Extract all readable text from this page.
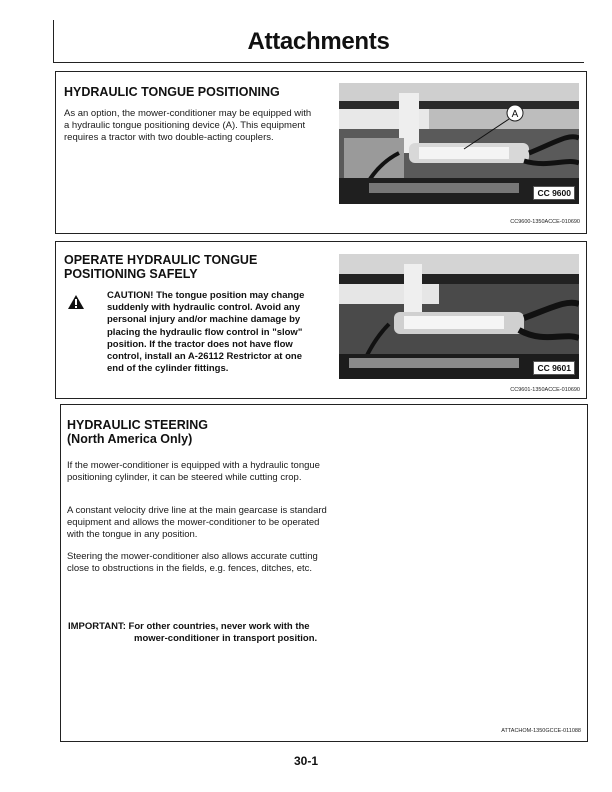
Attachments
HYDRAULIC TONGUE POSITIONING
As an option, the mower-conditioner may be equipped with a hydraulic tongue positioning device (A). This equipment requires a tractor with two double-acting couplers.
A
CC 9600
CC9600-1350ACCE-010690
OPERATE HYDRAULIC TONGUE
POSITIONING SAFELY
CAUTION! The tongue position may change suddenly with hydraulic control. Avoid any personal injury and/or machine damage by placing the hydraulic flow control in "slow" position. If the tractor does not have flow control, install an A-26112 Restrictor at one end of the cylinder fittings.	CC 9601
CC9601-1350ACCE-010690
HYDRAULIC STEERING
(North America Only)
If the mower-conditioner is equipped with a hydraulic tongue positioning cylinder, it can be steered while cutting crop.
A constant velocity drive line at the main gearcase is standard equipment and allows the mower-conditioner to be operated with the tongue in any position.
Steering the mower-conditioner also allows accurate cutting close to obstructions in the fields, e.g. fences, ditches, etc.
IMPORTANT: For other countries, never work with the
mower-conditioner in transport position.
ATTACHOM-1350GCCE-011088
30-1
